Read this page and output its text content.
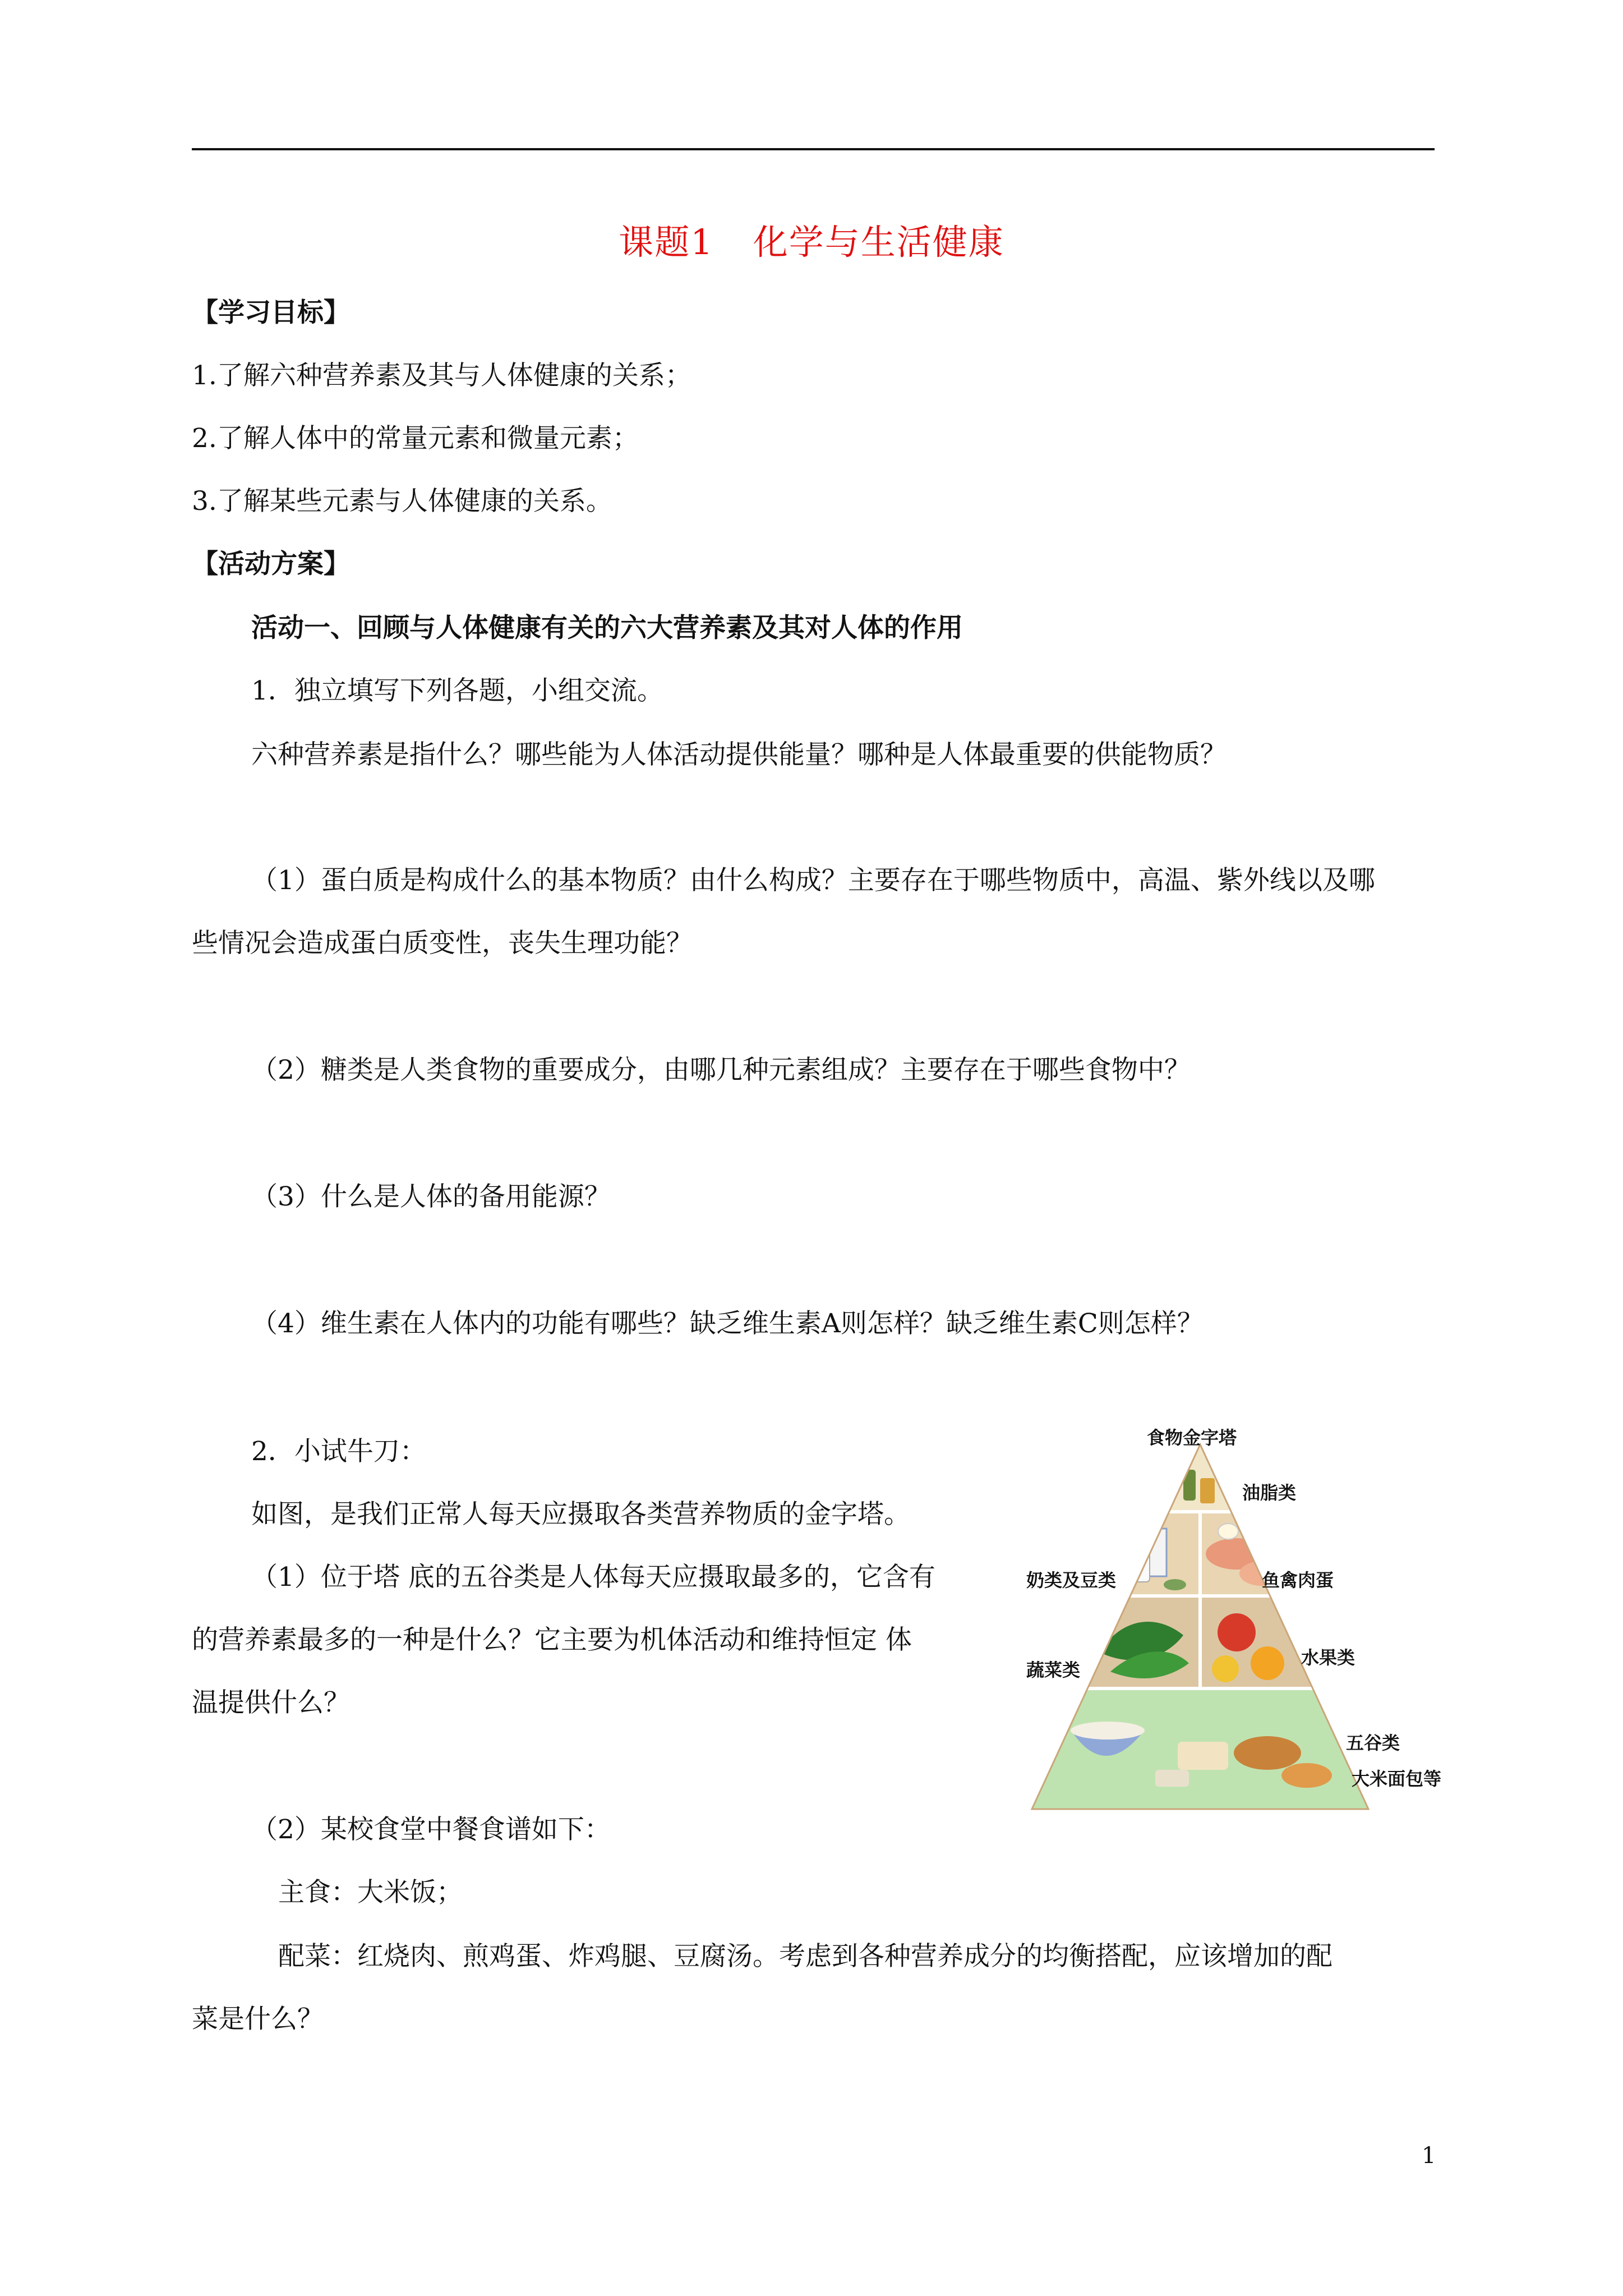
课题1 化学与生活健康
【学习目标】
1.了解六种营养素及其与人体健康的关系；
2.了解人体中的常量元素和微量元素；
3.了解某些元素与人体健康的关系。
【活动方案】
活动一、回顾与人体健康有关的六大营养素及其对人体的作用
1．独立填写下列各题，小组交流。
六种营养素是指什么？哪些能为人体活动提供能量？哪种是人体最重要的供能物质？
（1）蛋白质是构成什么的基本物质？由什么构成？主要存在于哪些物质中，高温、紫外线以及哪
些情况会造成蛋白质变性，丧失生理功能？
（2）糖类是人类食物的重要成分，由哪几种元素组成？主要存在于哪些食物中？
（3）什么是人体的备用能源？
（4）维生素在人体内的功能有哪些？缺乏维生素A则怎样？缺乏维生素C则怎样？
2．小试牛刀：
如图，是我们正常人每天应摄取各类营养物质的金字塔。
（1）位于塔 底的五谷类是人体每天应摄取最多的，它含有
的营养素最多的一种是什么？它主要为机体活动和维持恒定 体
温提供什么？
（2）某校食堂中餐食谱如下：
主食：大米饭；
配菜：红烧肉、煎鸡蛋、炸鸡腿、豆腐汤。考虑到各种营养成分的均衡搭配，应该增加的配
菜是什么？
食物金字塔
油脂类
奶类及豆类	鱼禽肉蛋
蔬菜类
水果类
五谷类
大米面包等
1
